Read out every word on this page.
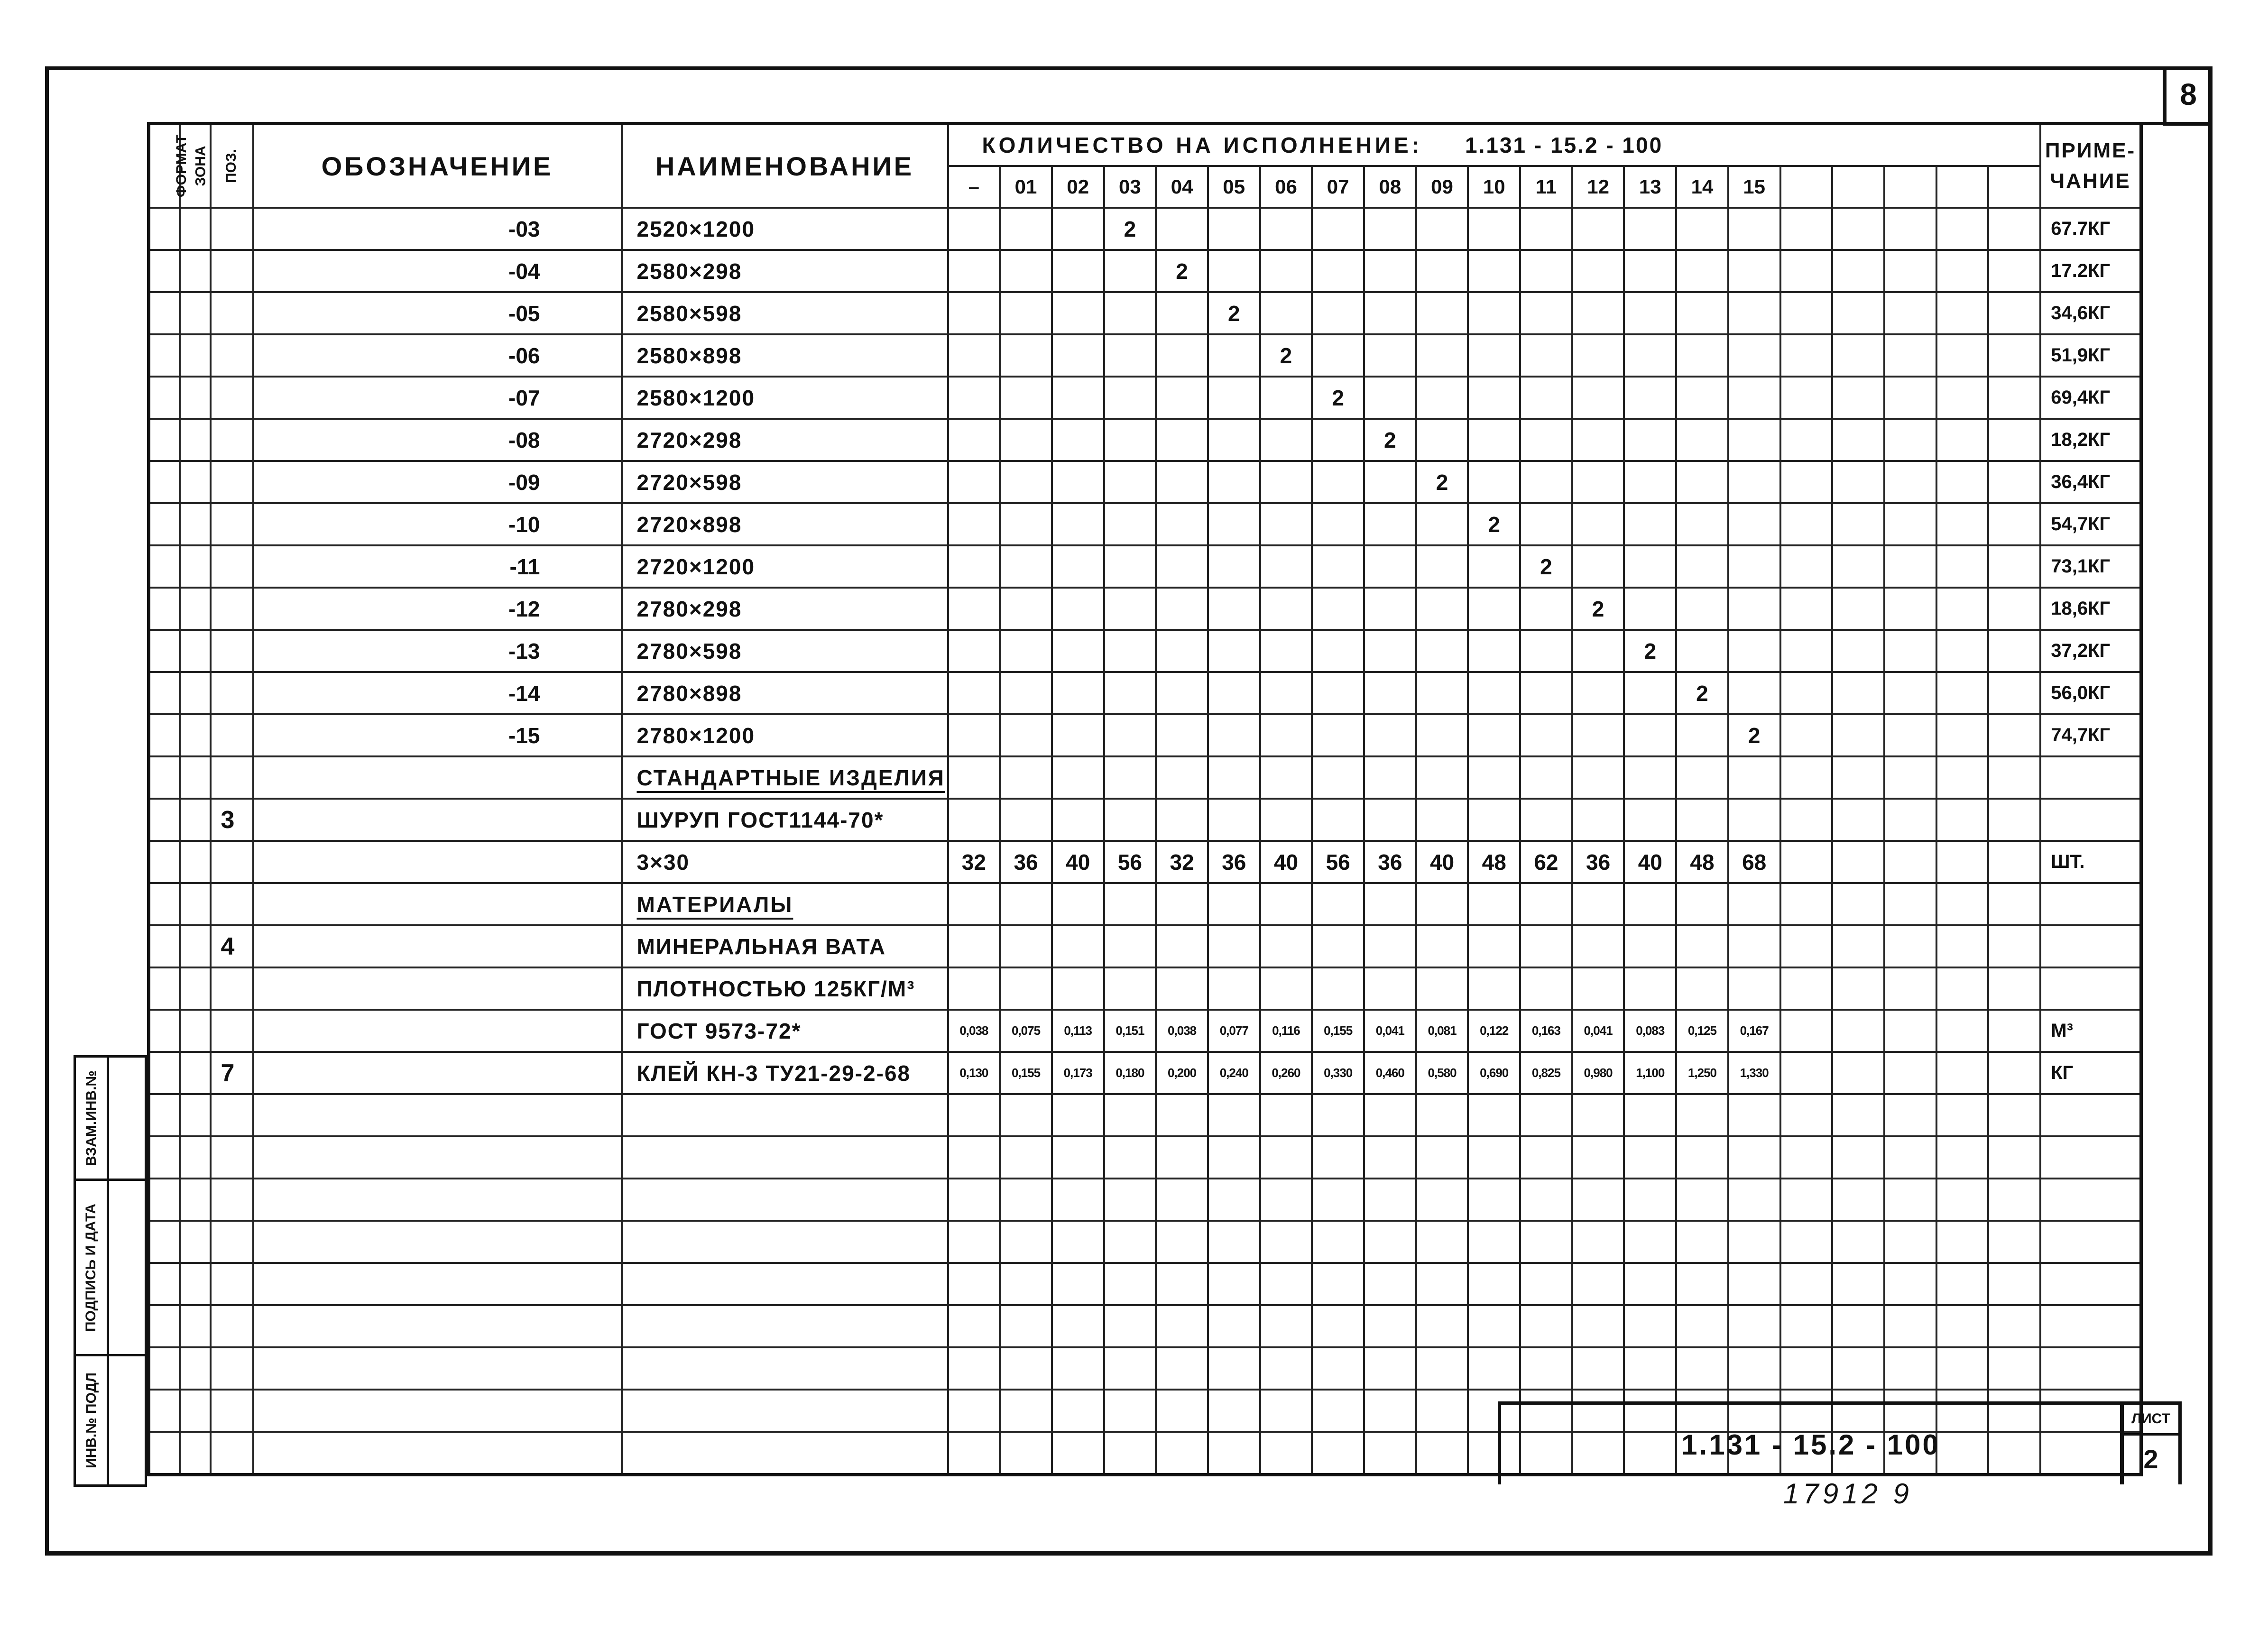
8
ФОРМАТ	ЗОНА	ПОЗ.	ОБОЗНАЧЕНИЕ	НАИМЕНОВАНИЕ	КОЛИЧЕСТВО НА ИСПОЛНЕНИЕ: 1.131 - 15.2 - 100																					ПРИМЕ-
ЧАНИЕ
					–	01	02	03	04	05	06	07	08	09	10	11	12	13	14	15						
			-03	2520×1200				2																		67.7КГ
			-04	2580×298					2																	17.2КГ
			-05	2580×598						2																34,6КГ
			-06	2580×898							2															51,9КГ
			-07	2580×1200								2														69,4КГ
			-08	2720×298									2													18,2КГ
			-09	2720×598										2												36,4КГ
			-10	2720×898											2											54,7КГ
			-11	2720×1200												2										73,1КГ
			-12	2780×298													2									18,6КГ
			-13	2780×598														2								37,2КГ
			-14	2780×898															2							56,0КГ
			-15	2780×1200																2						74,7КГ
				СТАНДАРТНЫЕ ИЗДЕЛИЯ																						
		3		ШУРУП ГОСТ1144-70*																						
				3×30	32	36	40	56	32	36	40	56	36	40	48	62	36	40	48	68						ШТ.
				МАТЕРИАЛЫ																						
		4		МИНЕРАЛЬНАЯ ВАТА																						
				ПЛОТНОСТЬЮ 125КГ/М³																						
				ГОСТ 9573-72*	0,038	0,075	0,113	0,151	0,038	0,077	0,116	0,155	0,041	0,081	0,122	0,163	0,041	0,083	0,125	0,167						М³
		7		КЛЕЙ КН-3 ТУ21-29-2-68	0,130	0,155	0,173	0,180	0,200	0,240	0,260	0,330	0,460	0,580	0,690	0,825	0,980	1,100	1,250	1,330						КГ

ВЗАМ.ИНВ.№
ПОДПИСЬ И ДАТА
ИНВ.№ ПОДЛ	1.131 - 15.2 - 100
ЛИСТ
2
17912 9
